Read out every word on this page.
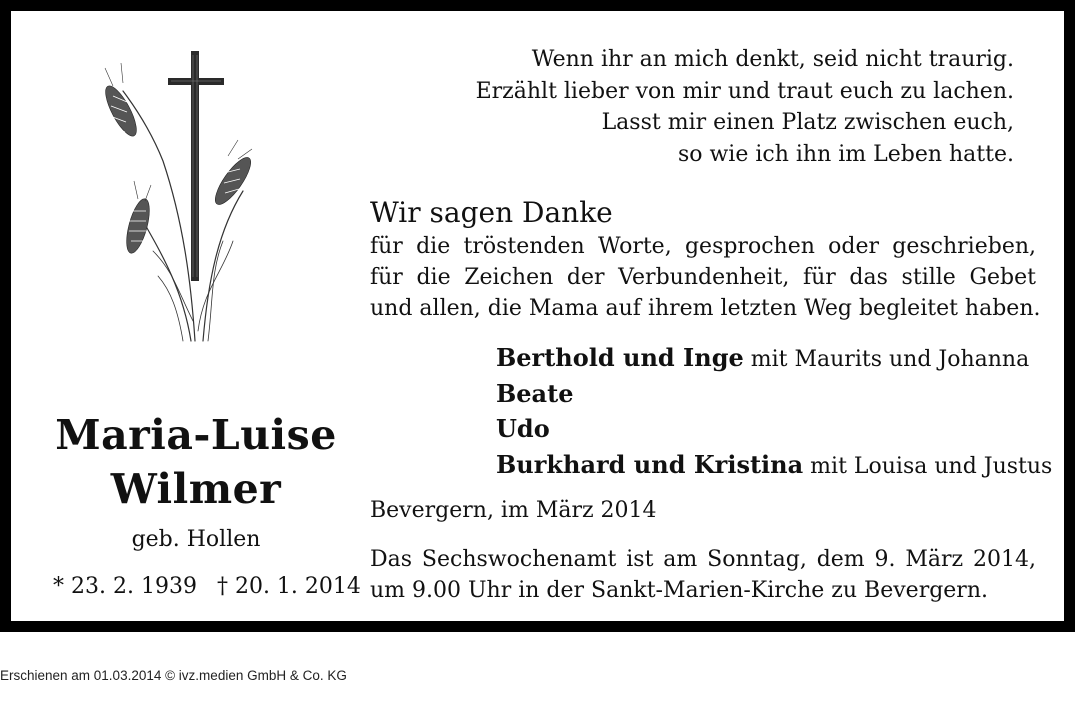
Maria-Luise
Wilmer
geb. Hollen
* 23. 2. 1939 † 20. 1. 2014
Wenn ihr an mich denkt, seid nicht traurig.
Erzählt lieber von mir und traut euch zu lachen.
Lasst mir einen Platz zwischen euch,
so wie ich ihn im Leben hatte.
Wir sagen Danke
für die tröstenden Worte, gesprochen oder geschrieben,
für die Zeichen der Verbundenheit, für das stille Gebet
und allen, die Mama auf ihrem letzten Weg begleitet haben.
Berthold und Inge mit Maurits und Johanna
Beate
Udo
Burkhard und Kristina mit Louisa und Justus
Bevergern, im März 2014
Das Sechswochenamt ist am Sonntag, dem 9. März 2014,
um 9.00 Uhr in der Sankt-Marien-Kirche zu Bevergern.
Erschienen am 01.03.2014 © ivz.medien GmbH & Co. KG
